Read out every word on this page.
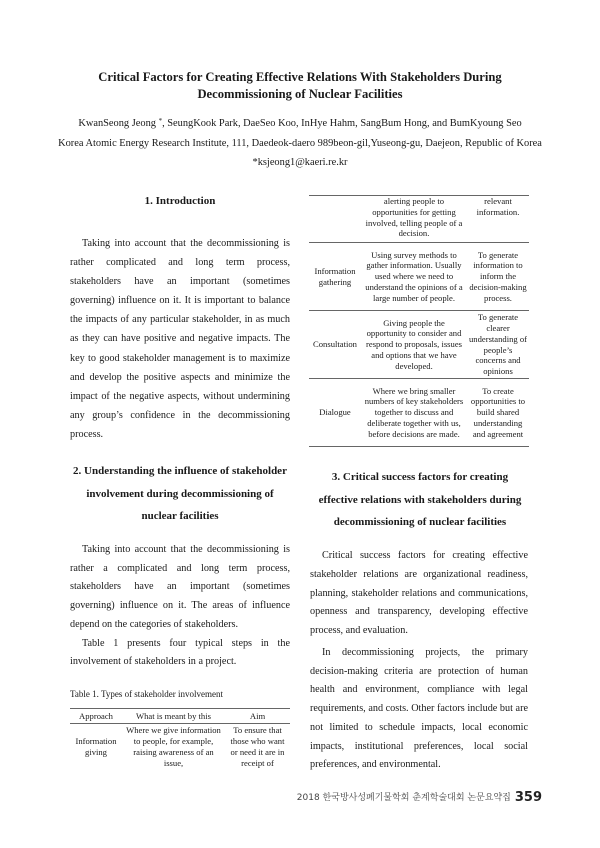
Critical Factors for Creating Effective Relations With Stakeholders During
Decommissioning of Nuclear Facilities
KwanSeong Jeong *, SeungKook Park, DaeSeo Koo, InHye Hahm, SangBum Hong, and BumKyoung Seo
Korea Atomic Energy Research Institute, 111, Daedeok-daero 989beon-gil,Yuseong-gu, Daejeon, Republic of Korea
*ksjeong1@kaeri.re.kr
1. Introduction

Taking into account that the decommissioning is rather complicated and long term process, stakeholders have an important (sometimes governing) influence on it. It is important to balance the impacts of any particular stakeholder, in as much as they can have positive and negative impacts. The key to good stakeholder management is to maximize and develop the positive aspects and minimize the impact of the negative aspects, without undermining any group’s confidence in the decommissioning process.

2. Understanding the influence of stakeholder
involvement during decommissioning of
nuclear facilities

Taking into account that the decommissioning is rather a complicated and long term process, stakeholders have an important (sometimes governing) influence on it. The areas of influence depend on the categories of stakeholders.

Table 1 presents four typical steps in the involvement of stakeholders in a project.

Table 1. Types of stakeholder involvement
Approach	What is meant by this	Aim
Information giving	Where we give information to people, for example, raising awareness of an issue,	To ensure that those who want or need it are in receipt of
	alerting people to opportunities for getting involved, telling people of a decision.	relevant information.
Information gathering	Using survey methods to gather information. Usually used where we need to understand the opinions of a large number of people.	To generate information to inform the decision-making process.
Consultation	Giving people the opportunity to consider and respond to proposals, issues and options that we have developed.	To generate clearer understanding of people’s concerns and opinions
Dialogue	Where we bring smaller numbers of key stakeholders together to discuss and deliberate together with us, before decisions are made.	To create opportunities to build shared understanding and agreement
3. Critical success factors for creating
effective relations with stakeholders during
decommissioning of nuclear facilities

Critical success factors for creating effective stakeholder relations are organizational readiness, planning, stakeholder relations and communications, openness and transparency, developing effective process, and evaluation.

In decommissioning projects, the primary decision-making criteria are protection of human health and environment, compliance with legal requirements, and costs. Other factors include but are not limited to schedule impacts, local economic impacts, institutional preferences, local social preferences, and environmental.

2018 한국방사성폐기물학회 춘계학술대회 논문요약집 359
